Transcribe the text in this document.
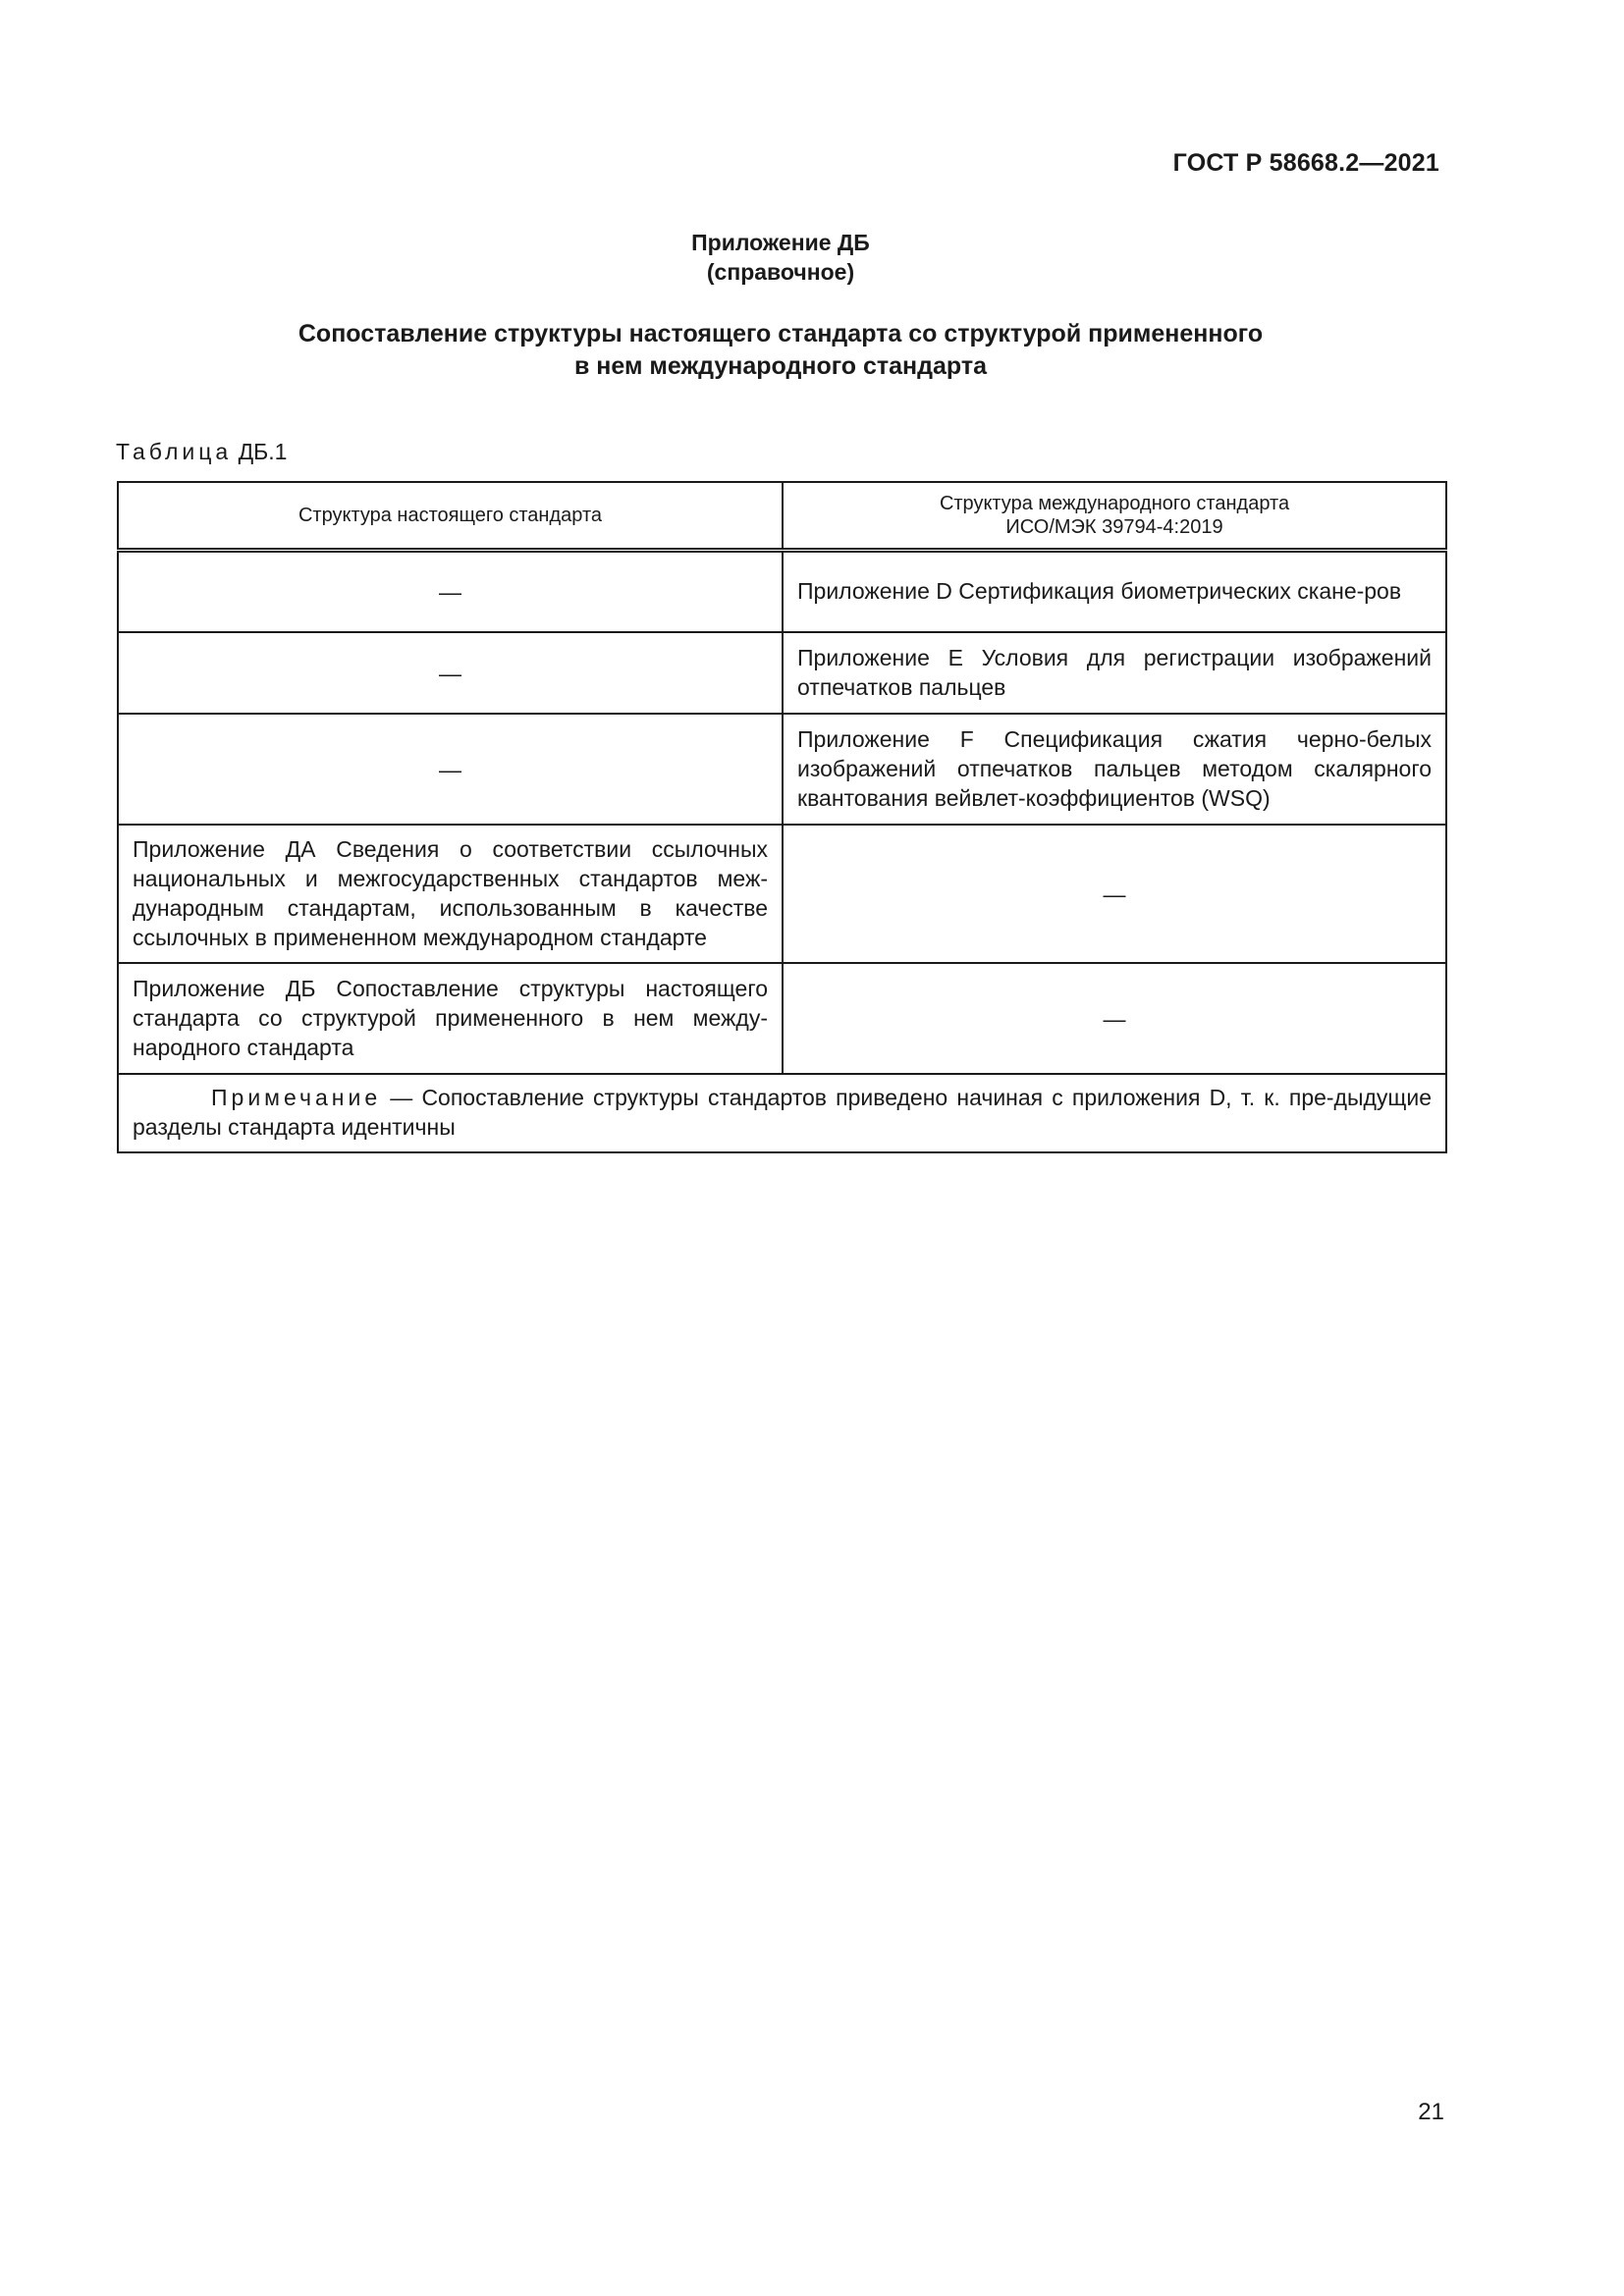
ГОСТ Р 58668.2—2021
Приложение ДБ
(справочное)
Сопоставление структуры настоящего стандарта со структурой примененного
в нем международного стандарта
Таблица ДБ.1
Структура настоящего стандарта	Структура международного стандарта
ИСО/МЭК 39794-4:2019

—	Приложение D Сертификация биометрических скане-ров
—	Приложение Е Условия для регистрации изображений отпечатков пальцев
—	Приложение F Спецификация сжатия черно-белых изображений отпечатков пальцев методом скалярного квантования вейвлет-коэффициентов (WSQ)
Приложение ДА Сведения о соответствии ссылочных национальных и межгосударственных стандартов меж-дународным стандартам, использованным в качестве ссылочных в примененном международном стандарте	—
Приложение ДБ Сопоставление структуры настоящего стандарта со структурой примененного в нем между-народного стандарта	—
Примечание — Сопоставление структуры стандартов приведено начиная с приложения D, т. к. пре-дыдущие разделы стандарта идентичны	
21
